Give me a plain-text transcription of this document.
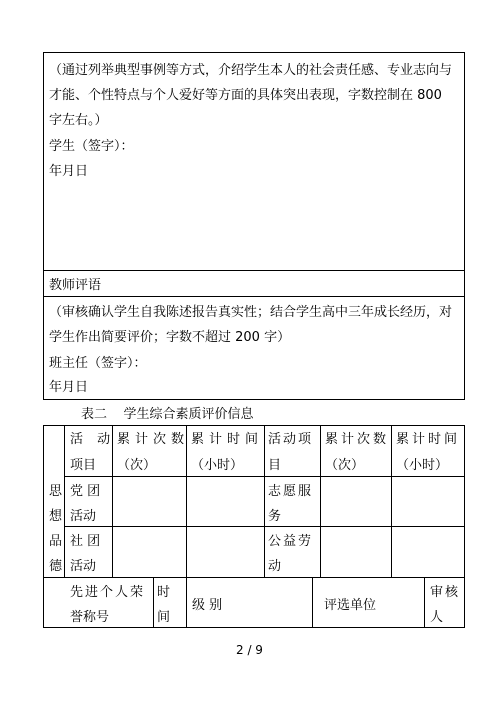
（通过列举典型事例等方式，介绍学生本人的社会责任感、专业志向与
才能、个性特点与个人爱好等方面的具体突出表现，字数控制在 800
字左右。）
学生（签字）：
年月日
教师评语
（审核确认学生自我陈述报告真实性；结合学生高中三年成长经历，对
学生作出简要评价；字数不超过 200 字）
班主任（签字）：
年月日
表二    学生综合素质评价信息
活 动
项目
累计次数
（次）
累计时间
（小时）
活动项
目
累计次数
（次）
累计时间
（小时）
思
想
品
德
党 团
活动
志愿服
务
社 团
活动
公益劳
动
先进个人荣
誉称号
时
间
级 别	评选单位
审核
人
2 / 9
